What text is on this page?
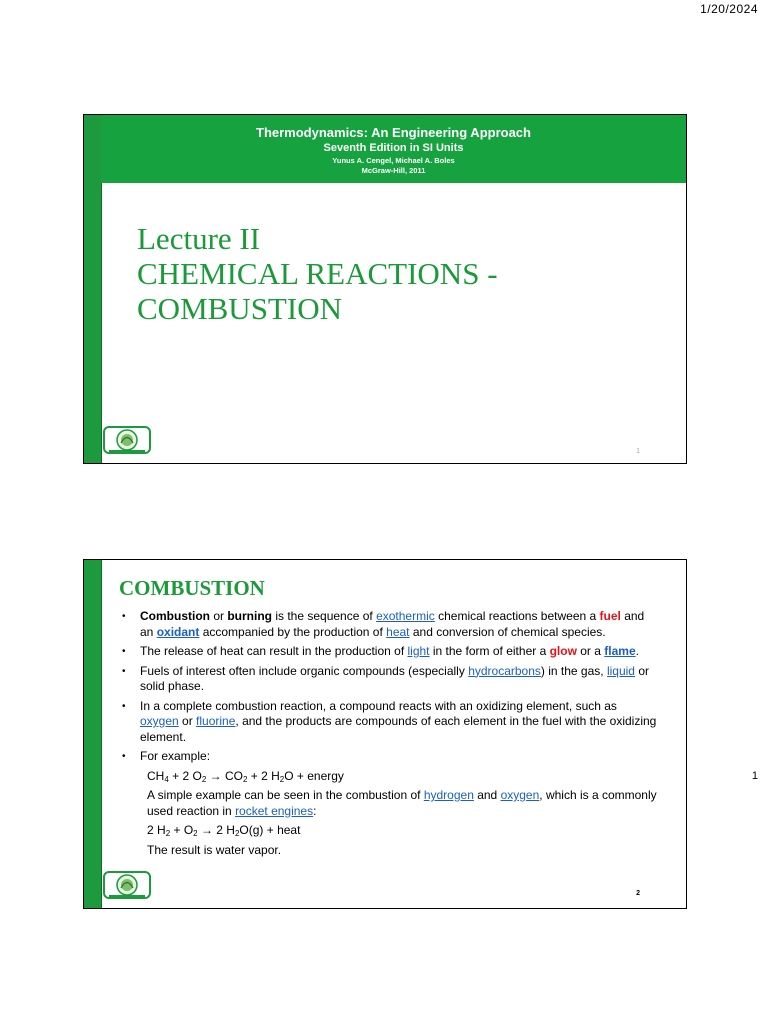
1/20/2024
Thermodynamics: An Engineering Approach
Seventh Edition in SI Units
Yunus A. Cengel, Michael A. Boles
McGraw-Hill, 2011
Lecture II
CHEMICAL REACTIONS -
COMBUSTION
1
COMBUSTION
• Combustion or burning is the sequence of exothermic chemical reactions between a fuel and an oxidant accompanied by the production of heat and conversion of chemical species.
• The release of heat can result in the production of light in the form of either a glow or a flame.
• Fuels of interest often include organic compounds (especially hydrocarbons) in the gas, liquid or solid phase.
• In a complete combustion reaction, a compound reacts with an oxidizing element, such as oxygen or fluorine, and the products are compounds of each element in the fuel with the oxidizing element.
• For example:
$CH_4 + 2$ $O_2 \to CO_2 + 2$ $H_2O$ + energy
A simple example can be seen in the combustion of hydrogen and oxygen, which is a commonly used reaction in rocket engines:
2 $H_2 + O_2 \to 2$ $H_2O(g)$ + heat
The result is water vapor.
2
1
